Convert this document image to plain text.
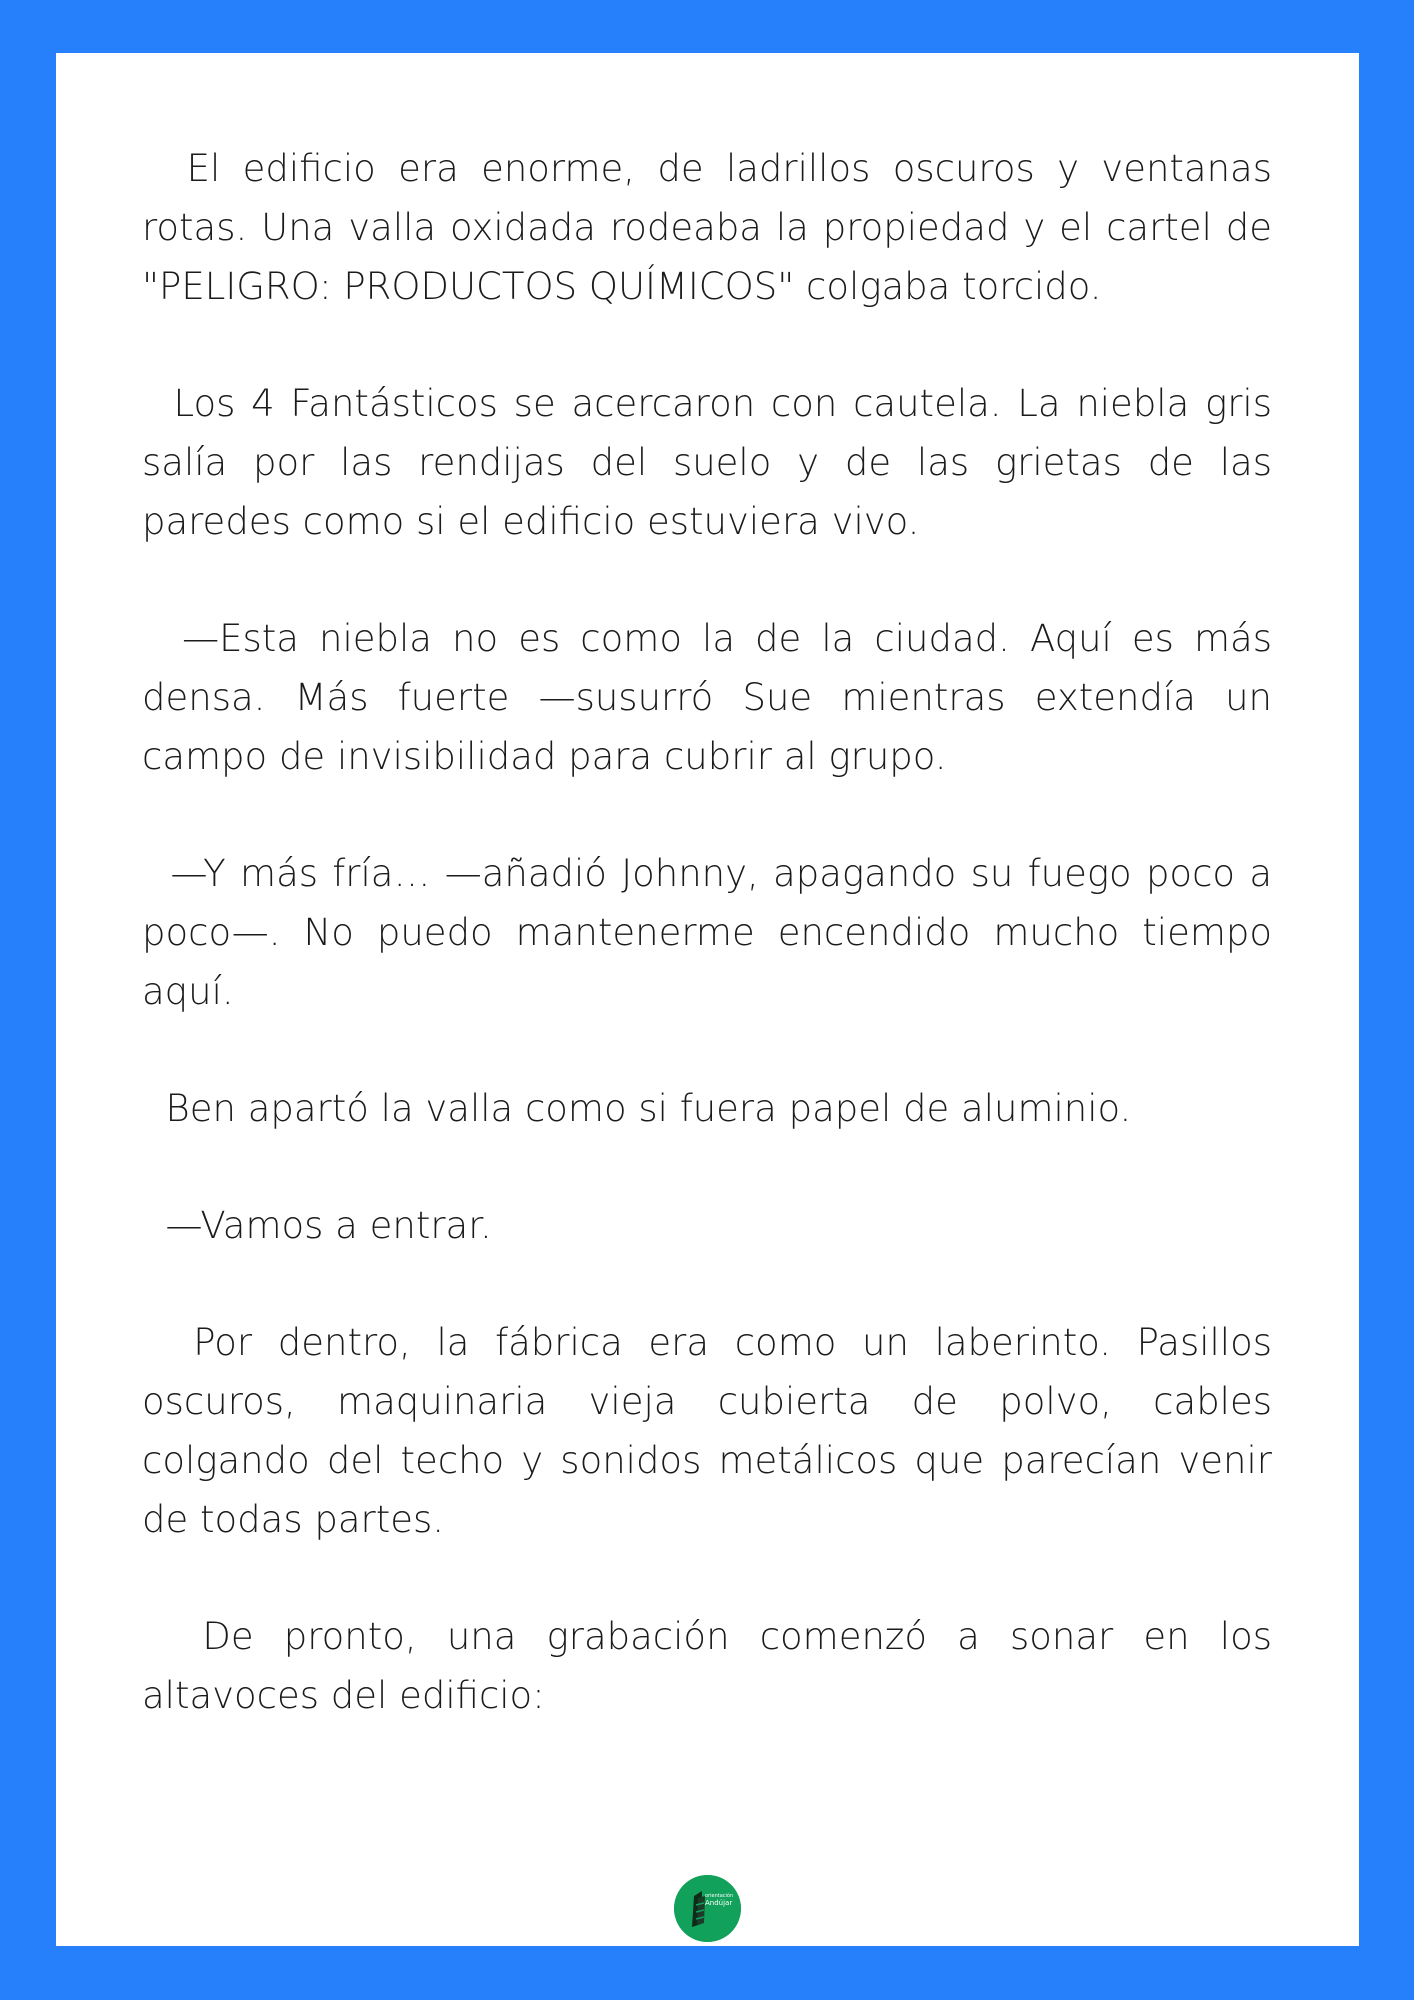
El edificio era enorme, de ladrillos oscuros y ventanas rotas. Una valla oxidada rodeaba la propiedad y el cartel de "PELIGRO: PRODUCTOS QUÍMICOS" colgaba torcido.

Los 4 Fantásticos se acercaron con cautela. La niebla gris salía por las rendijas del suelo y de las grietas de las paredes como si el edificio estuviera vivo.

—Esta niebla no es como la de la ciudad. Aquí es más densa. Más fuerte —susurró Sue mientras extendía un campo de invisibilidad para cubrir al grupo.

—Y más fría… —añadió Johnny, apagando su fuego poco a poco—. No puedo mantenerme encendido mucho tiempo aquí.

Ben apartó la valla como si fuera papel de aluminio.

—Vamos a entrar.

Por dentro, la fábrica era como un laberinto. Pasillos oscuros, maquinaria vieja cubierta de polvo, cables colgando del techo y sonidos metálicos que parecían venir de todas partes.

De pronto, una grabación comenzó a sonar en los altavoces del edificio:

orientación
Andújar
